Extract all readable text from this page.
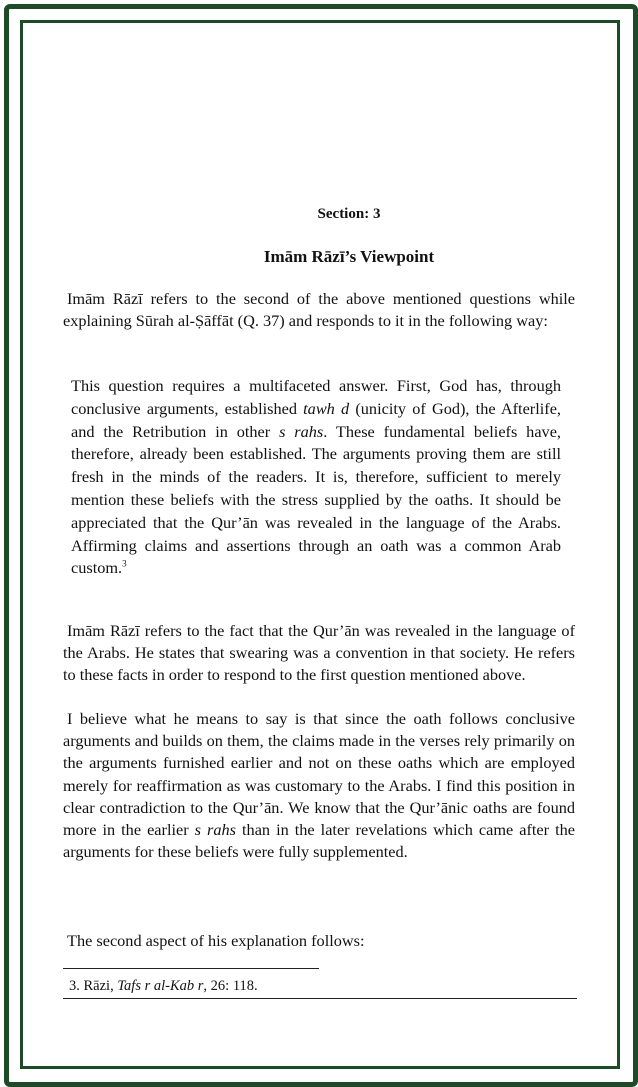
Section: 3
Imām Rāzī’s Viewpoint
Imām Rāzī refers to the second of the above mentioned questions while explaining Sūrah al-Ṣāffāt (Q. 37) and responds to it in the following way:
This question requires a multifaceted answer. First, God has, through conclusive arguments, established tawh d (unicity of God), the Afterlife, and the Retribution in other s rahs. These fundamental beliefs have, therefore, already been established. The arguments proving them are still fresh in the minds of the readers. It is, therefore, sufficient to merely mention these beliefs with the stress supplied by the oaths. It should be appreciated that the Qur’ān was revealed in the language of the Arabs. Affirming claims and assertions through an oath was a common Arab custom.$^3$
Imām Rāzī refers to the fact that the Qur’ān was revealed in the language of the Arabs. He states that swearing was a convention in that society. He refers to these facts in order to respond to the first question mentioned above.
I believe what he means to say is that since the oath follows conclusive arguments and builds on them, the claims made in the verses rely primarily on the arguments furnished earlier and not on these oaths which are employed merely for reaffirmation as was customary to the Arabs. I find this position in clear contradiction to the Qur’ān. We know that the Qur’ānic oaths are found more in the earlier s rahs than in the later revelations which came after the arguments for these beliefs were fully supplemented.
The second aspect of his explanation follows:
3. Rāzi, Tafs r al-Kab r, 26: 118.
